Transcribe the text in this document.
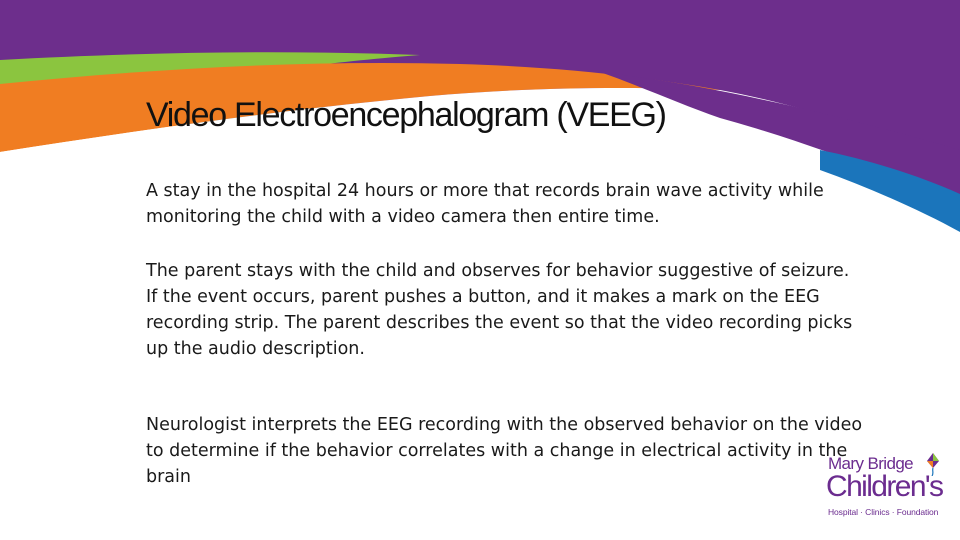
Video Electroencephalogram (VEEG)

A stay in the hospital 24 hours or more that records brain wave activity while monitoring the child with a video camera then entire time.

The parent stays with the child and observes for behavior suggestive of seizure.

If the event occurs, parent pushes a button, and it makes a mark on the EEG recording strip. The parent describes the event so that the video recording picks up the audio description.

Neurologist interprets the EEG recording with the observed behavior on the video to determine if the behavior correlates with a change in electrical activity in the brain

Mary Bridge
Children's
Hospital · Clinics · Foundation
